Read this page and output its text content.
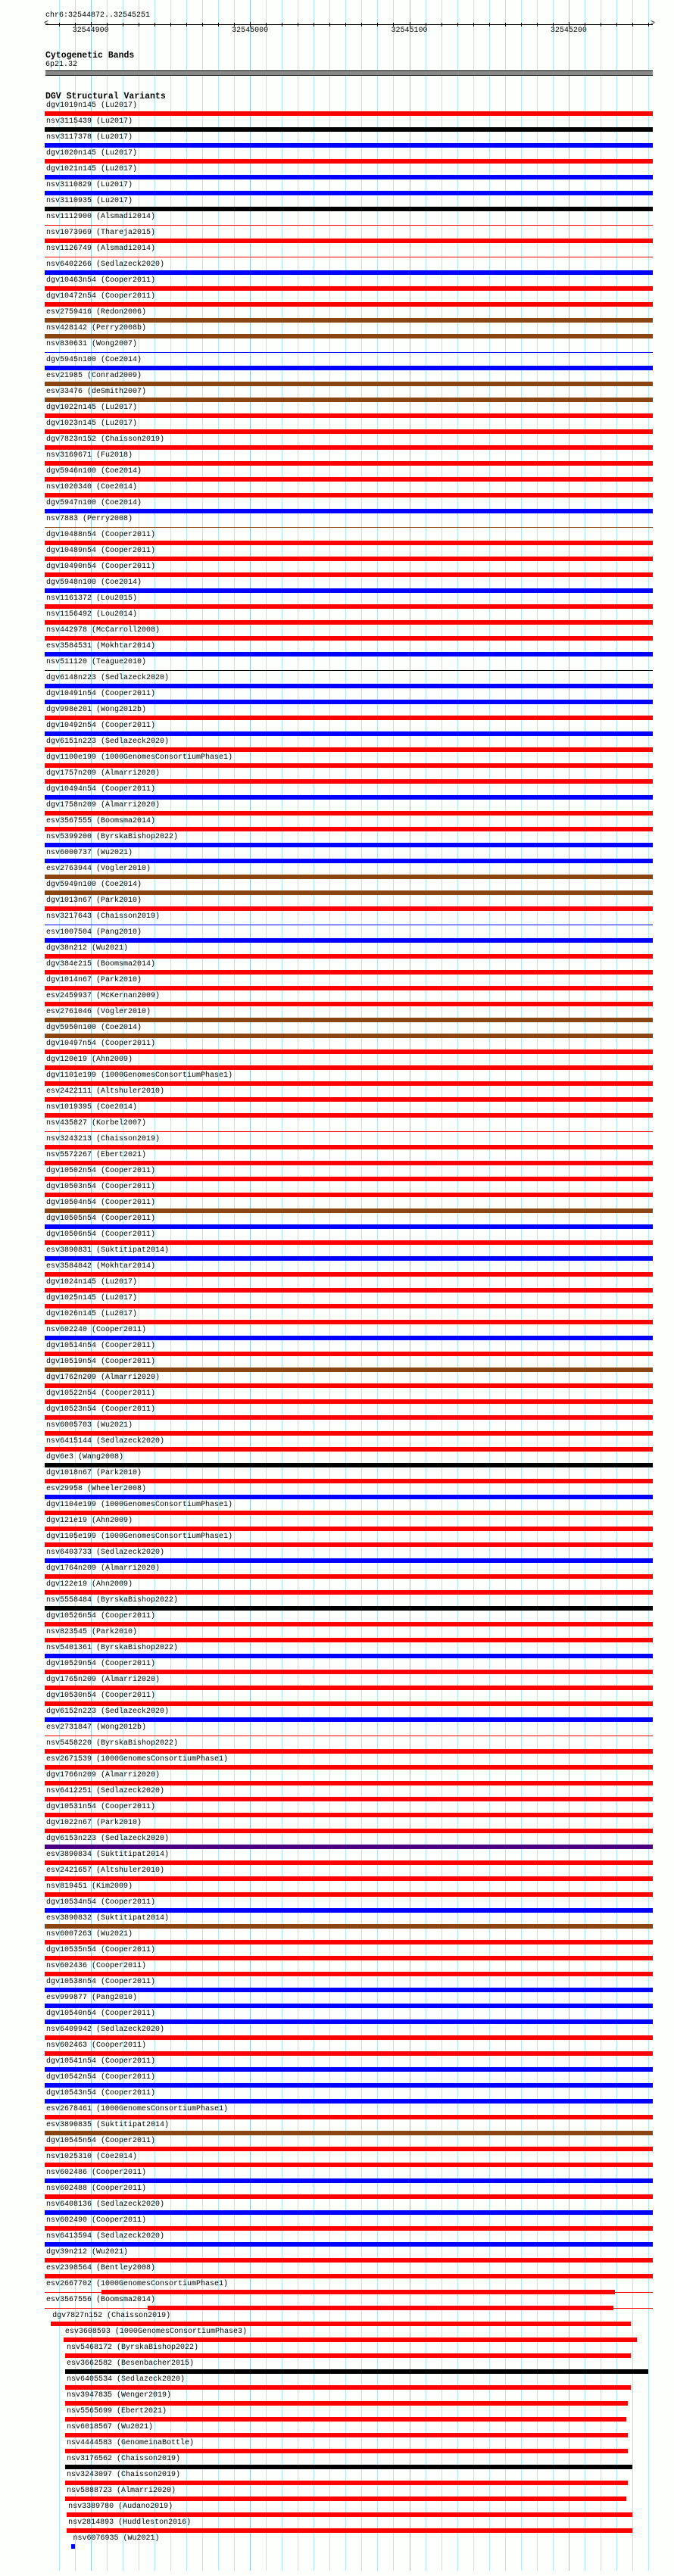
chr6:32544872..32545251
<	>
32544900	32545000	32545100	32545200
Cytogenetic Bands
6p21.32
DGV Structural Variants
dgv1019n145 (Lu2017)
nsv3115439 (Lu2017)
nsv3117378 (Lu2017)
dgv1020n145 (Lu2017)
dgv1021n145 (Lu2017)
nsv3110829 (Lu2017)
nsv3110935 (Lu2017)
nsv1112900 (Alsmadi2014)
nsv1073969 (Thareja2015)
nsv1126749 (Alsmadi2014)
nsv6402266 (Sedlazeck2020)
dgv10463n54 (Cooper2011)
dgv10472n54 (Cooper2011)
esv2759416 (Redon2006)
nsv428142 (Perry2008b)
nsv830631 (Wong2007)
dgv5945n100 (Coe2014)
esv21985 (Conrad2009)
esv33476 (deSmith2007)
dgv1022n145 (Lu2017)
dgv1023n145 (Lu2017)
dgv7823n152 (Chaisson2019)
nsv3169671 (Fu2018)
dgv5946n100 (Coe2014)
nsv1020340 (Coe2014)
dgv5947n100 (Coe2014)
nsv7883 (Perry2008)
dgv10488n54 (Cooper2011)
dgv10489n54 (Cooper2011)
dgv10490n54 (Cooper2011)
dgv5948n100 (Coe2014)
nsv1161372 (Lou2015)
nsv1156492 (Lou2014)
nsv442978 (McCarroll2008)
esv3584531 (Mokhtar2014)
nsv511120 (Teague2010)
dgv6148n223 (Sedlazeck2020)
dgv10491n54 (Cooper2011)
dgv998e201 (Wong2012b)
dgv10492n54 (Cooper2011)
dgv6151n223 (Sedlazeck2020)
dgv1100e199 (1000GenomesConsortiumPhase1)
dgv1757n209 (Almarri2020)
dgv10494n54 (Cooper2011)
dgv1758n209 (Almarri2020)
esv3567555 (Boomsma2014)
nsv5399200 (ByrskaBishop2022)
nsv6000737 (Wu2021)
esv2763944 (Vogler2010)
dgv5949n100 (Coe2014)
dgv1013n67 (Park2010)
nsv3217643 (Chaisson2019)
esv1007504 (Pang2010)
dgv38n212 (Wu2021)
dgv384e215 (Boomsma2014)
dgv1014n67 (Park2010)
esv2459937 (McKernan2009)
esv2761046 (Vogler2010)
dgv5950n100 (Coe2014)
dgv10497n54 (Cooper2011)
dgv120e19 (Ahn2009)
dgv1101e199 (1000GenomesConsortiumPhase1)
esv2422111 (Altshuler2010)
nsv1019395 (Coe2014)
nsv435827 (Korbel2007)
nsv3243213 (Chaisson2019)
nsv5572267 (Ebert2021)
dgv10502n54 (Cooper2011)
dgv10503n54 (Cooper2011)
dgv10504n54 (Cooper2011)
dgv10505n54 (Cooper2011)
dgv10506n54 (Cooper2011)
esv3890831 (Suktitipat2014)
esv3584842 (Mokhtar2014)
dgv1024n145 (Lu2017)
dgv1025n145 (Lu2017)
dgv1026n145 (Lu2017)
nsv602240 (Cooper2011)
dgv10514n54 (Cooper2011)
dgv10519n54 (Cooper2011)
dgv1762n209 (Almarri2020)
dgv10522n54 (Cooper2011)
dgv10523n54 (Cooper2011)
nsv6005703 (Wu2021)
nsv6415144 (Sedlazeck2020)
dgv6e3 (Wang2008)
dgv1018n67 (Park2010)
esv29958 (Wheeler2008)
dgv1104e199 (1000GenomesConsortiumPhase1)
dgv121e19 (Ahn2009)
dgv1105e199 (1000GenomesConsortiumPhase1)
nsv6403733 (Sedlazeck2020)
dgv1764n209 (Almarri2020)
dgv122e19 (Ahn2009)
nsv5558484 (ByrskaBishop2022)
dgv10526n54 (Cooper2011)
nsv823545 (Park2010)
nsv5401361 (ByrskaBishop2022)
dgv10529n54 (Cooper2011)
dgv1765n209 (Almarri2020)
dgv10530n54 (Cooper2011)
dgv6152n223 (Sedlazeck2020)
esv2731847 (Wong2012b)
nsv5458220 (ByrskaBishop2022)
esv2671539 (1000GenomesConsortiumPhase1)
dgv1766n209 (Almarri2020)
nsv6412251 (Sedlazeck2020)
dgv10531n54 (Cooper2011)
dgv1022n67 (Park2010)
dgv6153n223 (Sedlazeck2020)
esv3890834 (Suktitipat2014)
esv2421657 (Altshuler2010)
nsv819451 (Kim2009)
dgv10534n54 (Cooper2011)
esv3890832 (Suktitipat2014)
nsv6007263 (Wu2021)
dgv10535n54 (Cooper2011)
nsv602436 (Cooper2011)
dgv10538n54 (Cooper2011)
esv999877 (Pang2010)
dgv10540n54 (Cooper2011)
nsv6409942 (Sedlazeck2020)
nsv602463 (Cooper2011)
dgv10541n54 (Cooper2011)
dgv10542n54 (Cooper2011)
dgv10543n54 (Cooper2011)
esv2678461 (1000GenomesConsortiumPhase1)
esv3890835 (Suktitipat2014)
dgv10545n54 (Cooper2011)
nsv1025310 (Coe2014)
nsv602486 (Cooper2011)
nsv602488 (Cooper2011)
nsv6408136 (Sedlazeck2020)
nsv602490 (Cooper2011)
nsv6413594 (Sedlazeck2020)
dgv39n212 (Wu2021)
esv2398564 (Bentley2008)
esv2667702 (1000GenomesConsortiumPhase1)
esv3567556 (Boomsma2014)
dgv7827n152 (Chaisson2019)
esv3608593 (1000GenomesConsortiumPhase3)
nsv5468172 (ByrskaBishop2022)
esv3662582 (Besenbacher2015)
nsv6405534 (Sedlazeck2020)
nsv3947835 (Wenger2019)
nsv5565699 (Ebert2021)
nsv6018567 (Wu2021)
nsv4444583 (GenomeinaBottle)
nsv3176562 (Chaisson2019)
nsv3243097 (Chaisson2019)
nsv5888723 (Almarri2020)
nsv3389780 (Audano2019)
nsv2814893 (Huddleston2016)
nsv6076935 (Wu2021)
